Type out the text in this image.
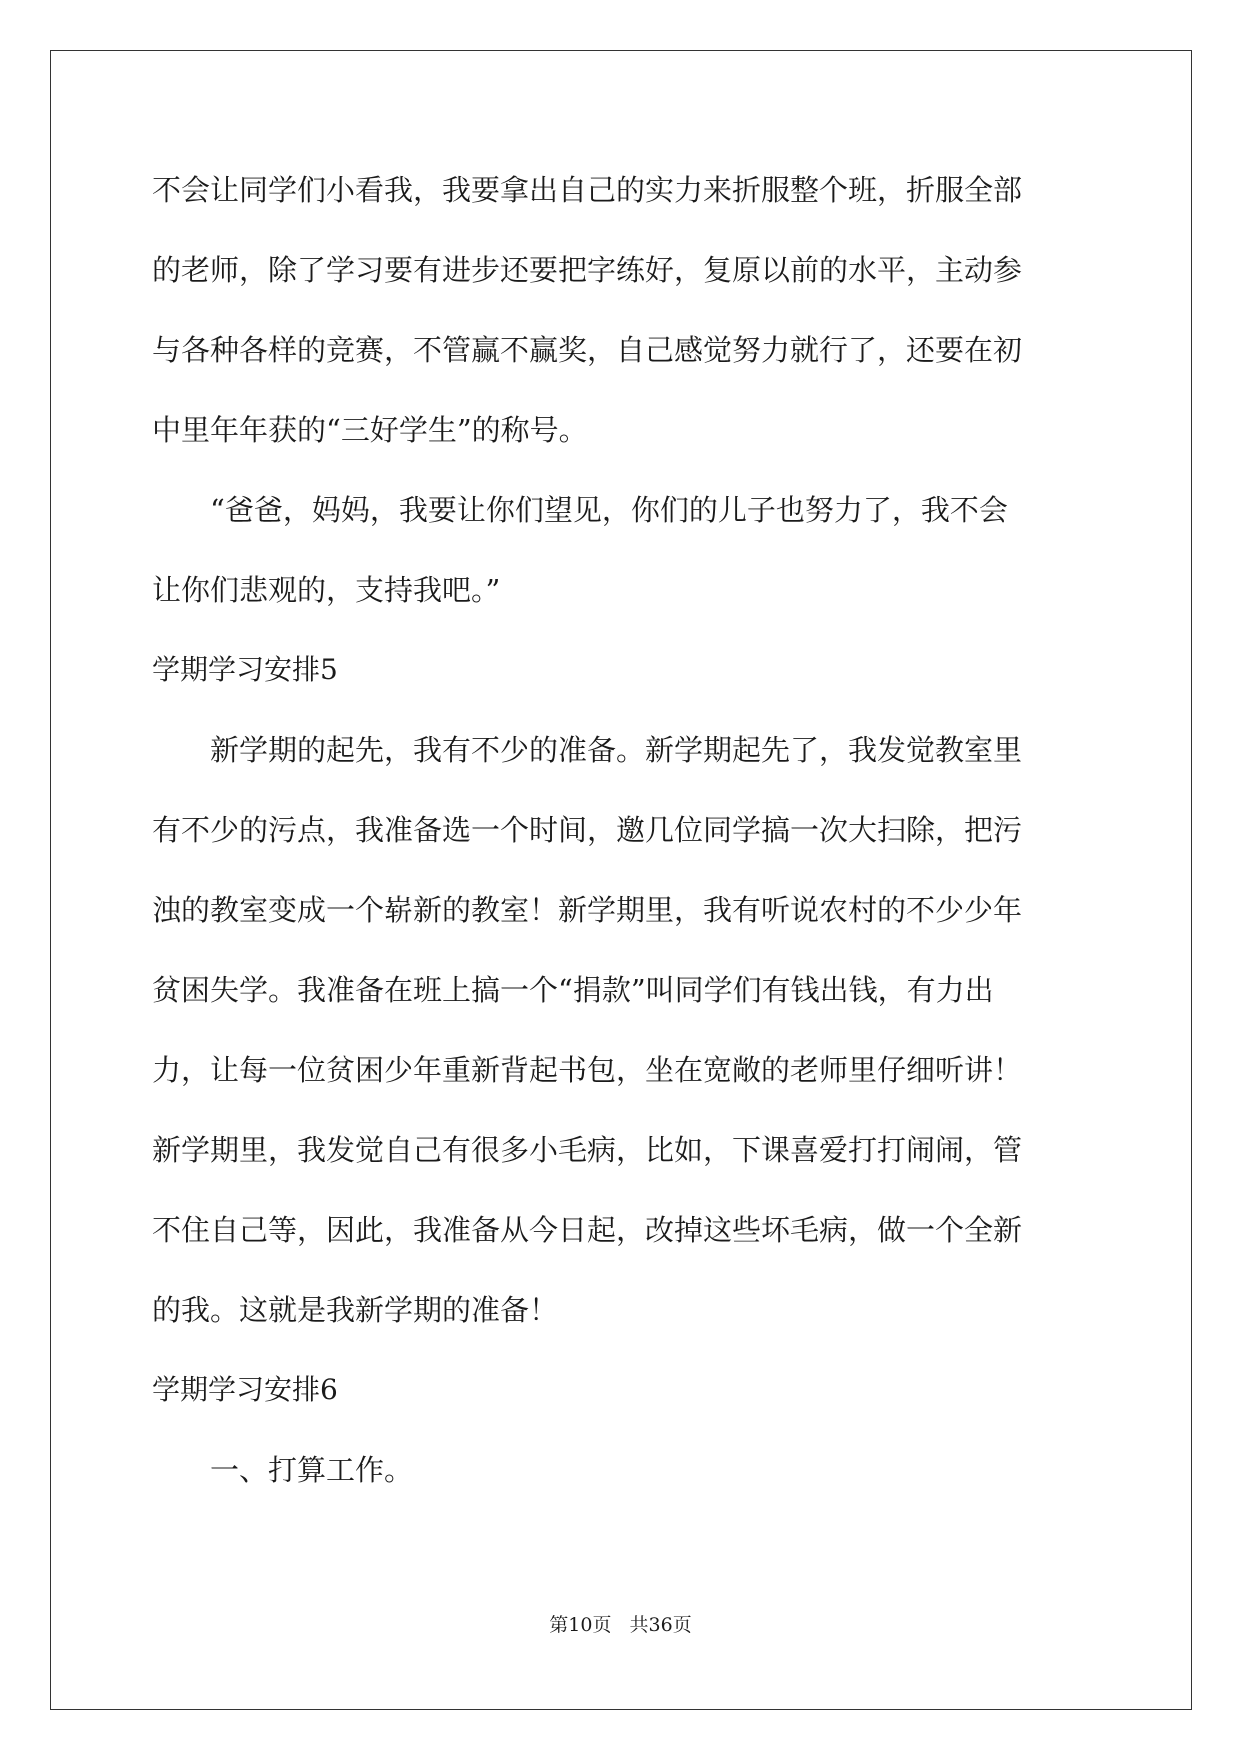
不会让同学们小看我，我要拿出自己的实力来折服整个班，折服全部
的老师，除了学习要有进步还要把字练好，复原以前的水平，主动参
与各种各样的竞赛，不管赢不赢奖，自己感觉努力就行了，还要在初
中里年年获的“三好学生”的称号。
“爸爸，妈妈，我要让你们望见，你们的儿子也努力了，我不会
让你们悲观的，支持我吧。”
学期学习安排5
新学期的起先，我有不少的准备。新学期起先了，我发觉教室里
有不少的污点，我准备选一个时间，邀几位同学搞一次大扫除，把污
浊的教室变成一个崭新的教室！新学期里，我有听说农村的不少少年
贫困失学。我准备在班上搞一个“捐款”叫同学们有钱出钱，有力出
力，让每一位贫困少年重新背起书包，坐在宽敞的老师里仔细听讲！
新学期里，我发觉自己有很多小毛病，比如，下课喜爱打打闹闹，管
不住自己等，因此，我准备从今日起，改掉这些坏毛病，做一个全新
的我。这就是我新学期的准备！
学期学习安排6
一、打算工作。
第10页 共36页
